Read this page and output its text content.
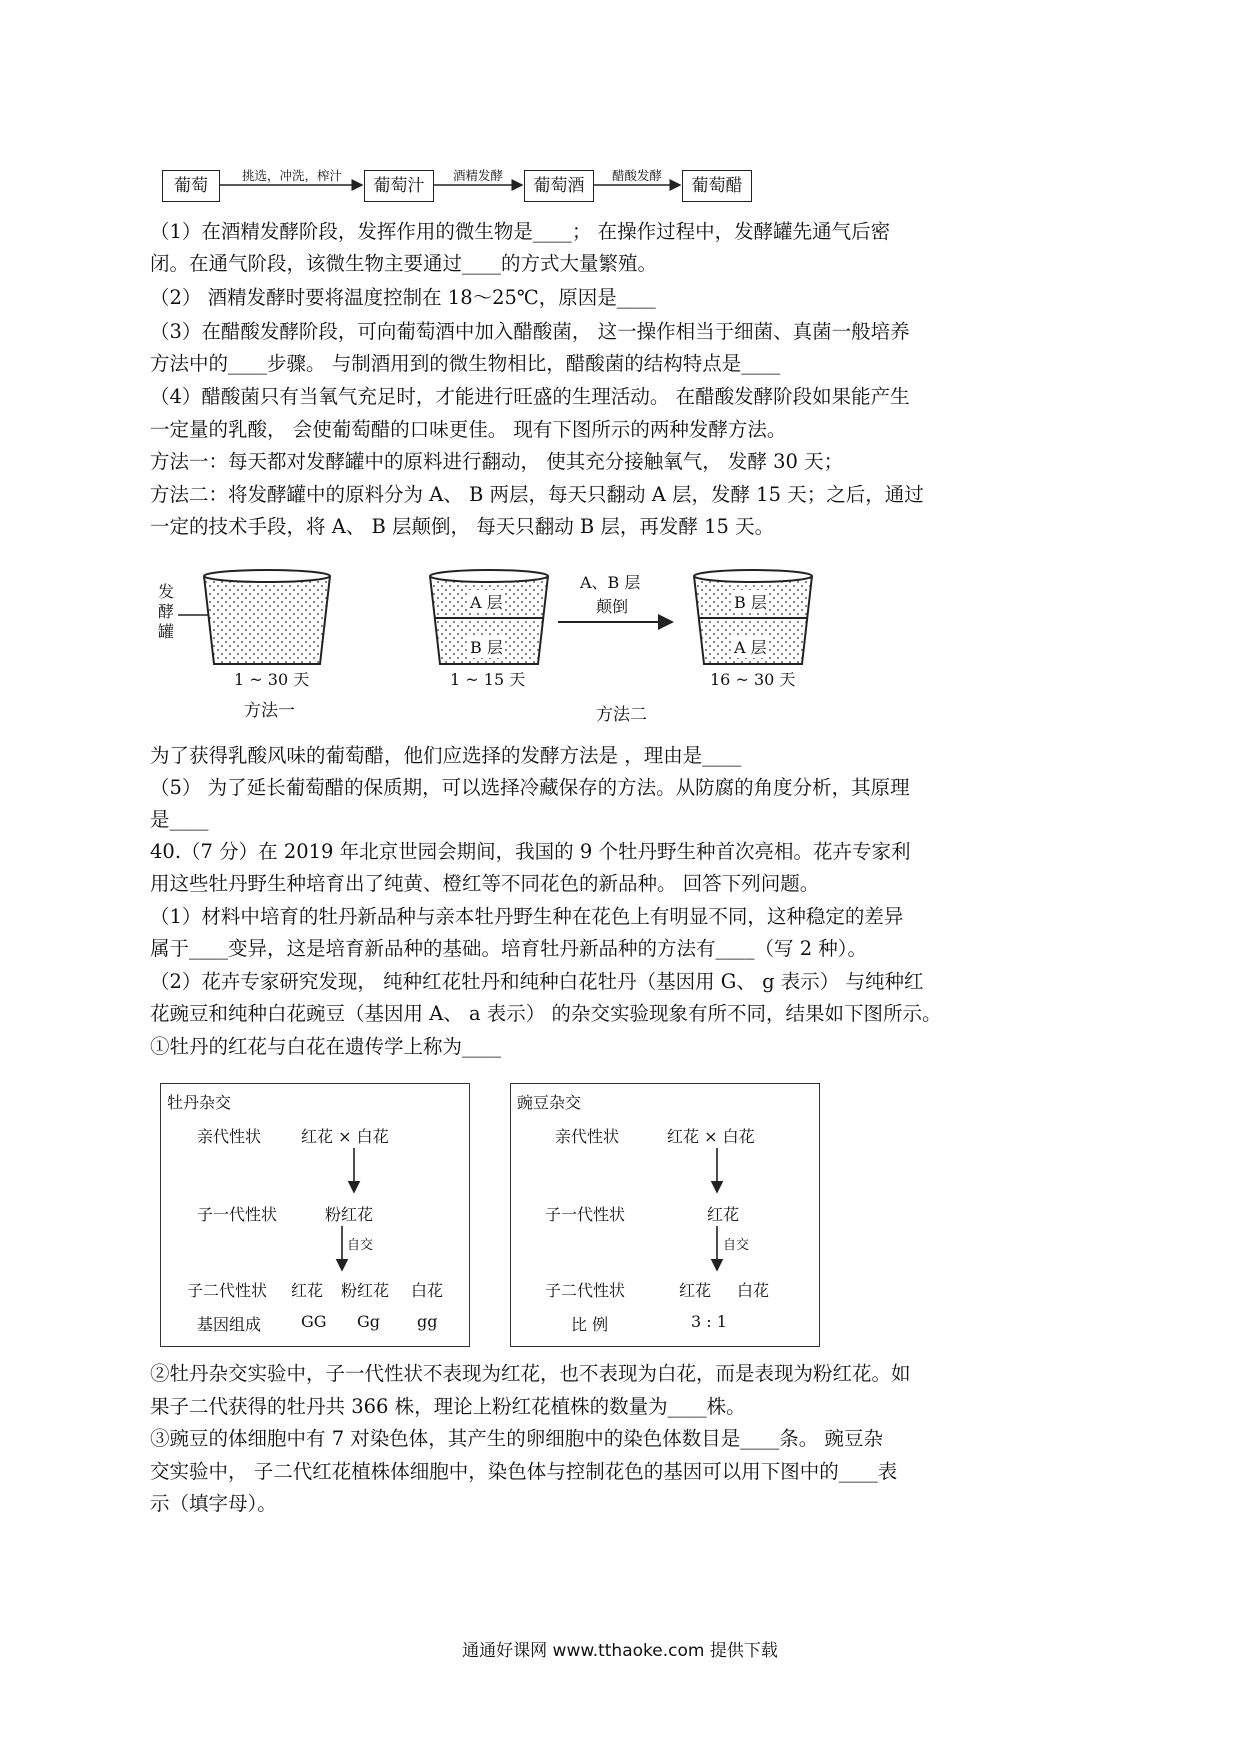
葡萄	葡萄汁	葡萄酒	葡萄醋
挑选，冲洗，榨汁	酒精发酵	醋酸发酵
（1）在酒精发酵阶段，发挥作用的微生物是____； 在操作过程中，发酵罐先通气后密
闭。在通气阶段，该微生物主要通过____的方式大量繁殖。
（2） 酒精发酵时要将温度控制在 18～25℃，原因是____
（3）在醋酸发酵阶段，可向葡萄酒中加入醋酸菌， 这一操作相当于细菌、真菌一般培养
方法中的____步骤。 与制酒用到的微生物相比，醋酸菌的结构特点是____
（4）醋酸菌只有当氧气充足时，才能进行旺盛的生理活动。 在醋酸发酵阶段如果能产生
一定量的乳酸， 会使葡萄醋的口味更佳。 现有下图所示的两种发酵方法。
方法一：每天都对发酵罐中的原料进行翻动， 使其充分接触氧气， 发酵 30 天；
方法二：将发酵罐中的原料分为 A、 B 两层，每天只翻动 A 层，发酵 15 天；之后，通过
一定的技术手段，将 A、 B 层颠倒， 每天只翻动 B 层，再发酵 15 天。
发酵罐
1 ~ 30 天
方法一
A 层
B 层
1 ~ 15 天
A、B 层
颠倒	B 层
A 层
16 ~ 30 天
方法二
为了获得乳酸风味的葡萄醋，他们应选择的发酵方法是 ，理由是____
（5） 为了延长葡萄醋的保质期，可以选择冷藏保存的方法。从防腐的角度分析，其原理
是____
40.（7 分）在 2019 年北京世园会期间，我国的 9 个牡丹野生种首次亮相。花卉专家利
用这些牡丹野生种培育出了纯黄、橙红等不同花色的新品种。 回答下列问题。
（1）材料中培育的牡丹新品种与亲本牡丹野生种在花色上有明显不同，这种稳定的差异
属于____变异，这是培育新品种的基础。培育牡丹新品种的方法有____（写 2 种）。
（2）花卉专家研究发现， 纯种红花牡丹和纯种白花牡丹（基因用 G、 g 表示） 与纯种红
花豌豆和纯种白花豌豆（基因用 A、 a 表示） 的杂交实验现象有所不同，结果如下图所示。
①牡丹的红花与白花在遗传学上称为____
牡丹杂交
亲代性状 红花 × 白花
子一代性状	粉红花
自交
子二代性状 红花 粉红花 白花
基因组成 GG Gg gg
豌豆杂交
亲代性状	红花 × 白花
子一代性状	红花
自交
子二代性状	红花 白花
比 例	3 : 1
②牡丹杂交实验中，子一代性状不表现为红花，也不表现为白花，而是表现为粉红花。如
果子二代获得的牡丹共 366 株，理论上粉红花植株的数量为____株。
③豌豆的体细胞中有 7 对染色体，其产生的卵细胞中的染色体数目是____条。 豌豆杂
交实验中， 子二代红花植株体细胞中，染色体与控制花色的基因可以用下图中的____表
示（填字母）。
通通好课网 www.tthaoke.com 提供下载
